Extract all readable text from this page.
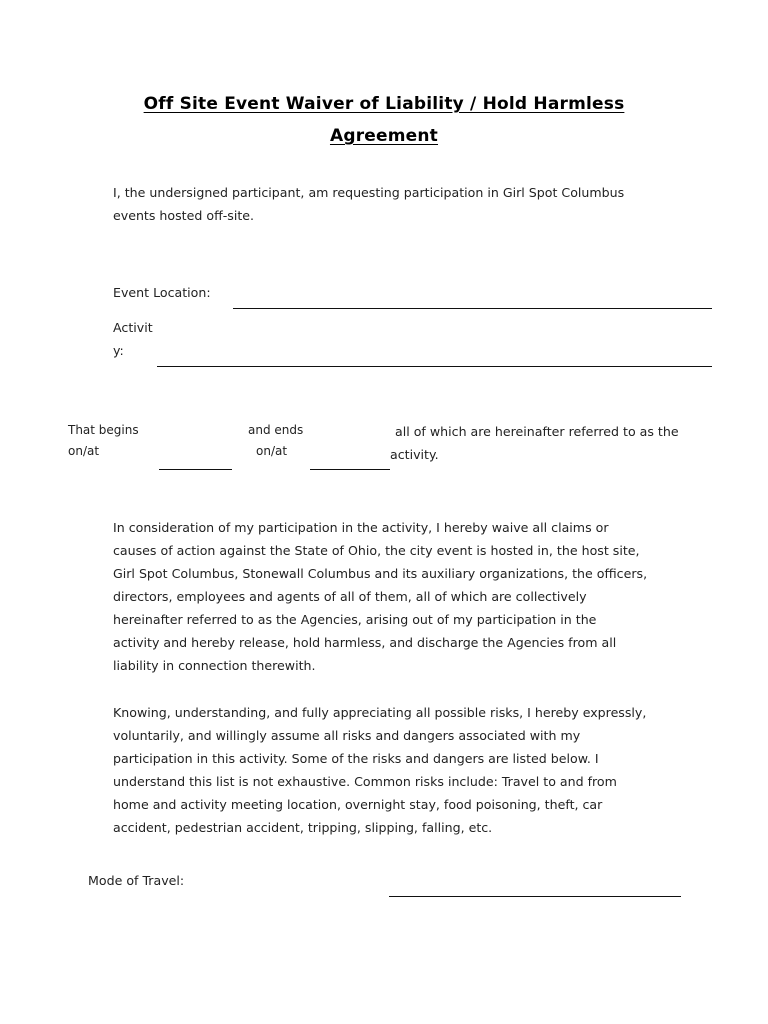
Off Site Event Waiver of Liability / Hold Harmless
Agreement
I, the undersigned participant, am requesting participation in Girl Spot Columbus events hosted off-site.
Event Location:
Activit
y:
That begins
on/at
and ends
on/at
all of which are hereinafter referred to as the
activity.
In consideration of my participation in the activity, I hereby waive all claims or
causes of action against the State of Ohio, the city event is hosted in, the host site,
Girl Spot Columbus, Stonewall Columbus and its auxiliary organizations, the officers,
directors, employees and agents of all of them, all of which are collectively
hereinafter referred to as the Agencies, arising out of my participation in the
activity and hereby release, hold harmless, and discharge the Agencies from all
liability in connection therewith.
Knowing, understanding, and fully appreciating all possible risks, I hereby expressly,
voluntarily, and willingly assume all risks and dangers associated with my
participation in this activity. Some of the risks and dangers are listed below. I
understand this list is not exhaustive. Common risks include: Travel to and from
home and activity meeting location, overnight stay, food poisoning, theft, car
accident, pedestrian accident, tripping, slipping, falling, etc.
Mode of Travel:
